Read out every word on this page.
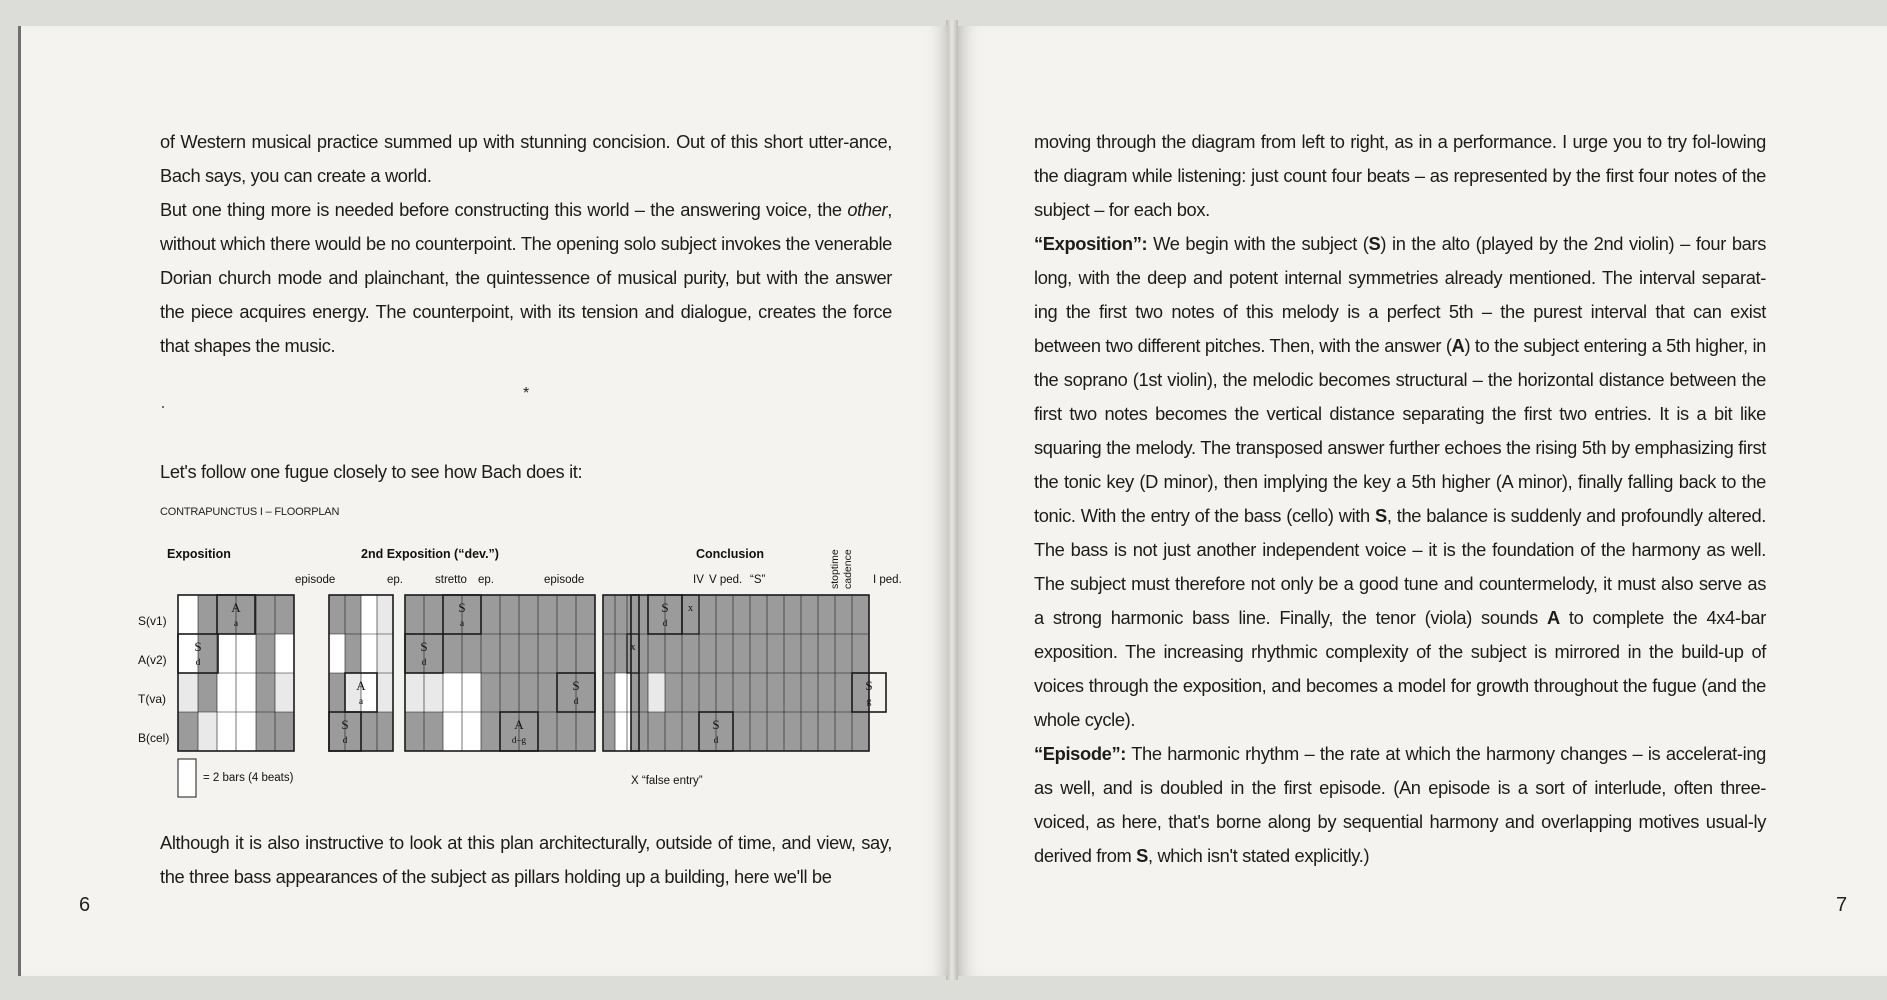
of Western musical practice summed up with stunning concision. Out of this short utter-ance, Bach says, you can create a world.

But one thing more is needed before constructing this world – the answering voice, the other, without which there would be no counterpoint. The opening solo subject invokes the venerable Dorian church mode and plainchant, the quintessence of musical purity, but with the answer the piece acquires energy. The counterpoint, with its tension and dialogue, creates the force that shapes the music.

*

Let's follow one fugue closely to see how Bach does it:

CONTRAPUNCTUS I – FLOORPLAN
S
d
A
a
S
d
A
a
S
d
S
a
A
d–g
S
d
S
d
S
d
S
g
x
x
Exposition	2nd Exposition (“dev.”)	Conclusion
episode	ep.	stretto ep.	episode	IV V ped. “S”	stoptime cadence I ped.
S(v1)
A(v2)
T(va)
B(cel)
= 2 bars (4 beats)	X “false entry”

Although it is also instructive to look at this plan architecturally, outside of time, and view, say, the three bass appearances of the subject as pillars holding up a building, here we'll be

6

moving through the diagram from left to right, as in a performance. I urge you to try fol-lowing the diagram while listening: just count four beats – as represented by the first four notes of the subject – for each box.

“Exposition”: We begin with the subject (S) in the alto (played by the 2nd violin) – four bars long, with the deep and potent internal symmetries already mentioned. The interval separat-ing the first two notes of this melody is a perfect 5th – the purest interval that can exist between two different pitches. Then, with the answer (A) to the subject entering a 5th higher, in the soprano (1st violin), the melodic becomes structural – the horizontal distance between the first two notes becomes the vertical distance separating the first two entries. It is a bit like squaring the melody. The transposed answer further echoes the rising 5th by emphasizing first the tonic key (D minor), then implying the key a 5th higher (A minor), finally falling back to the tonic. With the entry of the bass (cello) with S, the balance is suddenly and profoundly altered. The bass is not just another independent voice – it is the foundation of the harmony as well. The subject must therefore not only be a good tune and countermelody, it must also serve as a strong harmonic bass line. Finally, the tenor (viola) sounds A to complete the 4x4-bar exposition. The increasing rhythmic complexity of the subject is mirrored in the build-up of voices through the exposition, and becomes a model for growth throughout the fugue (and the whole cycle).

“Episode”: The harmonic rhythm – the rate at which the harmony changes – is accelerat-ing as well, and is doubled in the first episode. (An episode is a sort of interlude, often three-voiced, as here, that's borne along by sequential harmony and overlapping motives usual-ly derived from S, which isn't stated explicitly.)

7
